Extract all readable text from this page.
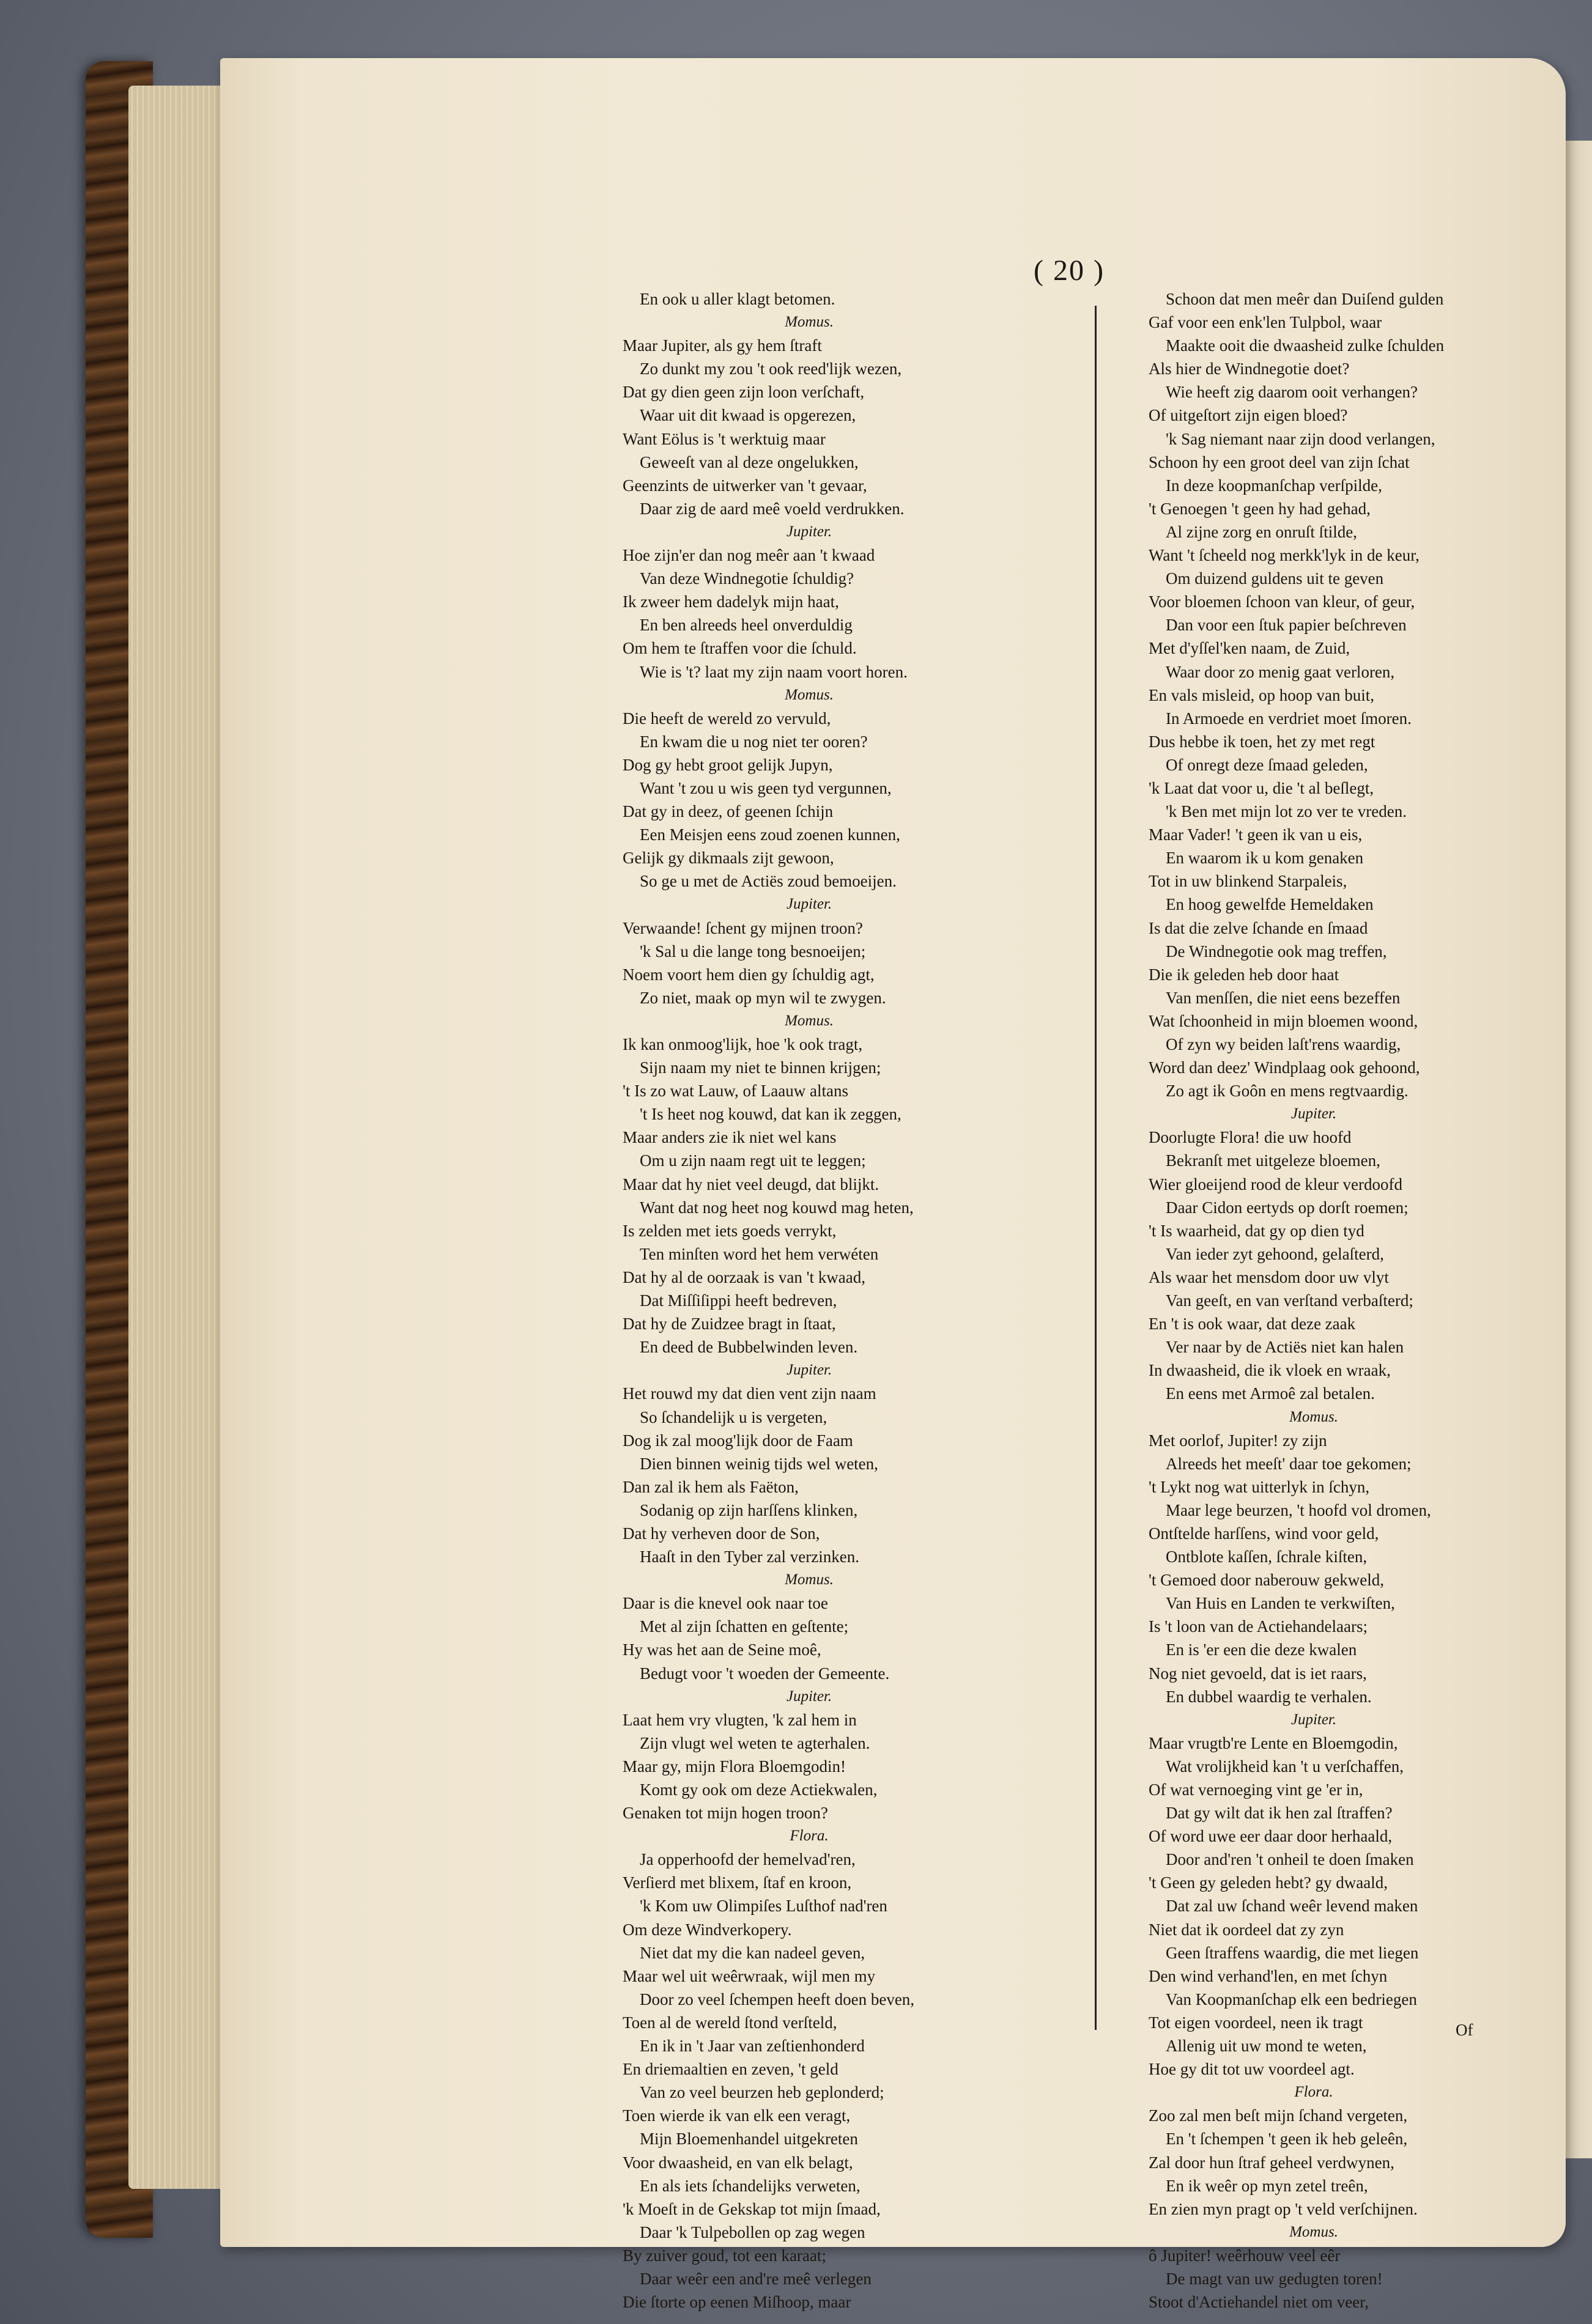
( 20 )
En ook u aller klagt betomen.
Momus.
Maar Jupiter, als gy hem ſtraft
Zo dunkt my zou 't ook reed'lijk wezen,
Dat gy dien geen zijn loon verſchaft,
Waar uit dit kwaad is opgerezen,
Want Eölus is 't werktuig maar
Geweeſt van al deze ongelukken,
Geenzints de uitwerker van 't gevaar,
Daar zig de aard meê voeld verdrukken.
Jupiter.
Hoe zijn'er dan nog meêr aan 't kwaad
Van deze Windnegotie ſchuldig?
Ik zweer hem dadelyk mijn haat,
En ben alreeds heel onverduldig
Om hem te ſtraffen voor die ſchuld.
Wie is 't? laat my zijn naam voort horen.
Momus.
Die heeft de wereld zo vervuld,
En kwam die u nog niet ter ooren?
Dog gy hebt groot gelijk Jupyn,
Want 't zou u wis geen tyd vergunnen,
Dat gy in deez, of geenen ſchijn
Een Meisjen eens zoud zoenen kunnen,
Gelijk gy dikmaals zijt gewoon,
So ge u met de Actiës zoud bemoeijen.
Jupiter.
Verwaande! ſchent gy mijnen troon?
'k Sal u die lange tong besnoeijen;
Noem voort hem dien gy ſchuldig agt,
Zo niet, maak op myn wil te zwygen.
Momus.
Ik kan onmoog'lijk, hoe 'k ook tragt,
Sijn naam my niet te binnen krijgen;
't Is zo wat Lauw, of Laauw altans
't Is heet nog kouwd, dat kan ik zeggen,
Maar anders zie ik niet wel kans
Om u zijn naam regt uit te leggen;
Maar dat hy niet veel deugd, dat blijkt.
Want dat nog heet nog kouwd mag heten,
Is zelden met iets goeds verrykt,
Ten minſten word het hem verwéten
Dat hy al de oorzaak is van 't kwaad,
Dat Miſſiſippi heeft bedreven,
Dat hy de Zuidzee bragt in ſtaat,
En deed de Bubbelwinden leven.
Jupiter.
Het rouwd my dat dien vent zijn naam
So ſchandelijk u is vergeten,
Dog ik zal moog'lijk door de Faam
Dien binnen weinig tijds wel weten,
Dan zal ik hem als Faëton,
Sodanig op zijn harſſens klinken,
Dat hy verheven door de Son,
Haaſt in den Tyber zal verzinken.
Momus.
Daar is die knevel ook naar toe
Met al zijn ſchatten en geſtente;
Hy was het aan de Seine moê,
Bedugt voor 't woeden der Gemeente.
Jupiter.
Laat hem vry vlugten, 'k zal hem in
Zijn vlugt wel weten te agterhalen.
Maar gy, mijn Flora Bloemgodin!
Komt gy ook om deze Actiekwalen,
Genaken tot mijn hogen troon?
Flora.
Ja opperhoofd der hemelvad'ren,
Verſierd met blixem, ſtaf en kroon,
'k Kom uw Olimpiſes Luſthof nad'ren
Om deze Windverkopery.
Niet dat my die kan nadeel geven,
Maar wel uit weêrwraak, wijl men my
Door zo veel ſchempen heeft doen beven,
Toen al de wereld ſtond verſteld,
En ik in 't Jaar van zeſtienhonderd
En driemaaltien en zeven, 't geld
Van zo veel beurzen heb geplonderd;
Toen wierde ik van elk een veragt,
Mijn Bloemenhandel uitgekreten
Voor dwaasheid, en van elk belagt,
En als iets ſchandelijks verweten,
'k Moeſt in de Gekskap tot mijn ſmaad,
Daar 'k Tulpebollen op zag wegen
By zuiver goud, tot een karaat;
Daar weêr een and're meê verlegen
Die ſtorte op eenen Miſhoop, maar
Schoon dat men meêr dan Duiſend gulden
Gaf voor een enk'len Tulpbol, waar
Maakte ooit die dwaasheid zulke ſchulden
Als hier de Windnegotie doet?
Wie heeft zig daarom ooit verhangen?
Of uitgeſtort zijn eigen bloed?
'k Sag niemant naar zijn dood verlangen,
Schoon hy een groot deel van zijn ſchat
In deze koopmanſchap verſpilde,
't Genoegen 't geen hy had gehad,
Al zijne zorg en onruſt ſtilde,
Want 't ſcheeld nog merkk'lyk in de keur,
Om duizend guldens uit te geven
Voor bloemen ſchoon van kleur, of geur,
Dan voor een ſtuk papier beſchreven
Met d'yſſel'ken naam, de Zuid,
Waar door zo menig gaat verloren,
En vals misleid, op hoop van buit,
In Armoede en verdriet moet ſmoren.
Dus hebbe ik toen, het zy met regt
Of onregt deze ſmaad geleden,
'k Laat dat voor u, die 't al beſlegt,
'k Ben met mijn lot zo ver te vreden.
Maar Vader! 't geen ik van u eis,
En waarom ik u kom genaken
Tot in uw blinkend Starpaleis,
En hoog gewelfde Hemeldaken
Is dat die zelve ſchande en ſmaad
De Windnegotie ook mag treffen,
Die ik geleden heb door haat
Van menſſen, die niet eens bezeffen
Wat ſchoonheid in mijn bloemen woond,
Of zyn wy beiden laſt'rens waardig,
Word dan deez' Windplaag ook gehoond,
Zo agt ik Goôn en mens regtvaardig.
Jupiter.
Doorlugte Flora! die uw hoofd
Bekranſt met uitgeleze bloemen,
Wier gloeijend rood de kleur verdoofd
Daar Cidon eertyds op dorſt roemen;
't Is waarheid, dat gy op dien tyd
Van ieder zyt gehoond, gelaſterd,
Als waar het mensdom door uw vlyt
Van geeſt, en van verſtand verbaſterd;
En 't is ook waar, dat deze zaak
Ver naar by de Actiës niet kan halen
In dwaasheid, die ik vloek en wraak,
En eens met Armoê zal betalen.
Momus.
Met oorlof, Jupiter! zy zijn
Alreeds het meeſt' daar toe gekomen;
't Lykt nog wat uitterlyk in ſchyn,
Maar lege beurzen, 't hoofd vol dromen,
Ontſtelde harſſens, wind voor geld,
Ontblote kaſſen, ſchrale kiſten,
't Gemoed door naberouw gekweld,
Van Huis en Landen te verkwiſten,
Is 't loon van de Actiehandelaars;
En is 'er een die deze kwalen
Nog niet gevoeld, dat is iet raars,
En dubbel waardig te verhalen.
Jupiter.
Maar vrugtb're Lente en Bloemgodin,
Wat vrolijkheid kan 't u verſchaffen,
Of wat vernoeging vint ge 'er in,
Dat gy wilt dat ik hen zal ſtraffen?
Of word uwe eer daar door herhaald,
Door and'ren 't onheil te doen ſmaken
't Geen gy geleden hebt? gy dwaald,
Dat zal uw ſchand weêr levend maken
Niet dat ik oordeel dat zy zyn
Geen ſtraffens waardig, die met liegen
Den wind verhand'len, en met ſchyn
Van Koopmanſchap elk een bedriegen
Tot eigen voordeel, neen ik tragt
Allenig uit uw mond te weten,
Hoe gy dit tot uw voordeel agt.
Flora.
Zoo zal men beſt mijn ſchand vergeten,
En 't ſchempen 't geen ik heb geleên,
Zal door hun ſtraf geheel verdwynen,
En ik weêr op myn zetel treên,
En zien myn pragt op 't veld verſchijnen.
Momus.
ô Jupiter! weêrhouw veel eêr
De magt van uw gedugten toren!
Stoot d'Actiehandel niet om veer,
Of
